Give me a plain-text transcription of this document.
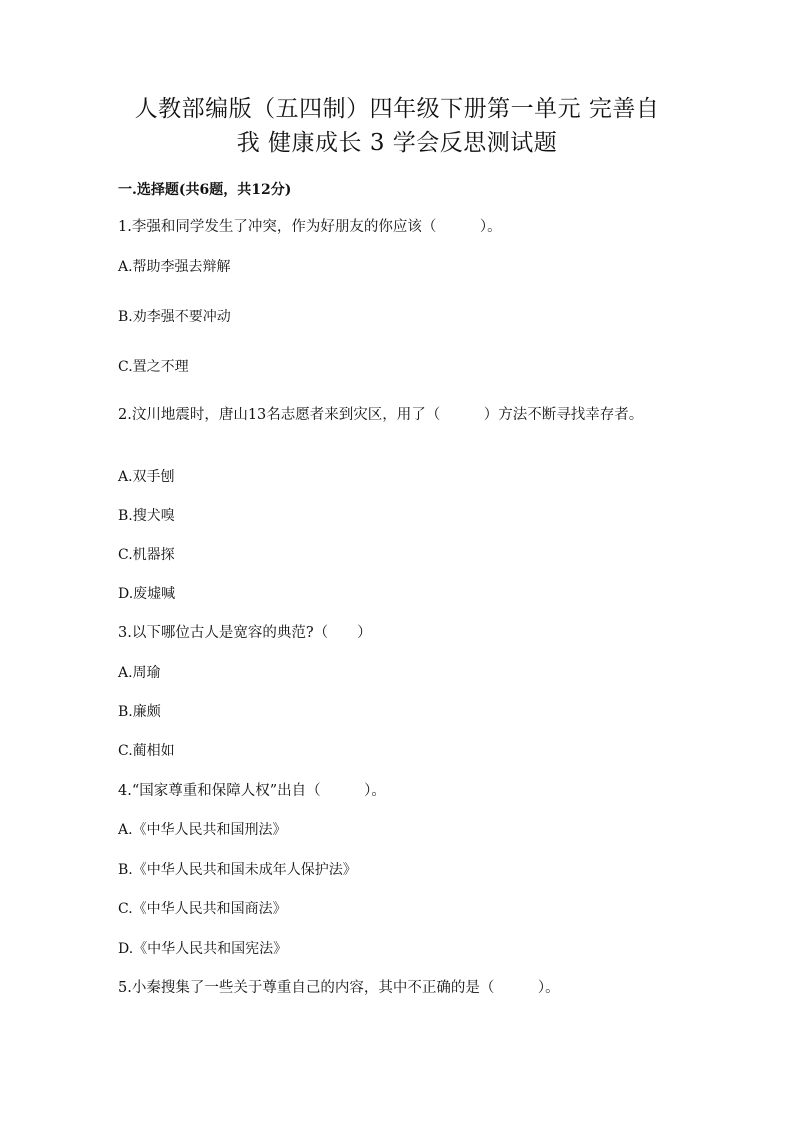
人教部编版（五四制）四年级下册第一单元 完善自
我 健康成长 3 学会反思测试题
一.选择题(共6题，共12分)
1.李强和同学发生了冲突，作为好朋友的你应该（　　　）。
A.帮助李强去辩解
B.劝李强不要冲动
C.置之不理
2.汶川地震时，唐山13名志愿者来到灾区，用了（　　　）方法不断寻找幸存者。
A.双手刨
B.搜犬嗅
C.机器探
D.废墟喊
3.以下哪位古人是宽容的典范?（　　）
A.周瑜
B.廉颇
C.蔺相如
4.“国家尊重和保障人权”出自（　　　）。
A.《中华人民共和国刑法》
B.《中华人民共和国未成年人保护法》
C.《中华人民共和国商法》
D.《中华人民共和国宪法》
5.小秦搜集了一些关于尊重自己的内容，其中不正确的是（　　　）。
